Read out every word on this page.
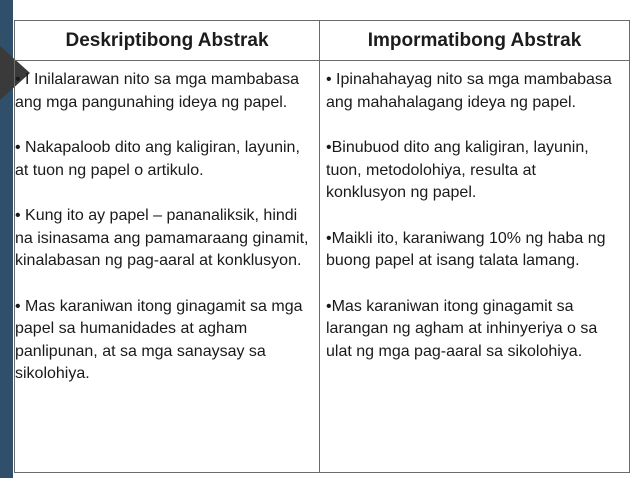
Deskriptibong Abstrak	Impormatibong Abstrak

• I Inilalarawan nito sa mga mambabasa ang mga pangunahing ideya ng papel.

• Nakapaloob dito ang kaligiran, layunin, at tuon ng papel o artikulo.

• Kung ito ay papel – pananaliksik, hindi na isinasama ang pamamaraang ginamit, kinalabasan ng pag-aaral at konklusyon.

• Mas karaniwan itong ginagamit sa mga papel sa humanidades at agham panlipunan, at sa mga sanaysay sa sikolohiya.

• Ipinahahayag nito sa mga mambabasa ang mahahalagang ideya ng papel.

•Binubuod dito ang kaligiran, layunin, tuon, metodolohiya, resulta at konklusyon ng papel.

•Maikli ito, karaniwang 10% ng haba ng buong papel at isang talata lamang.

•Mas karaniwan itong ginagamit sa larangan ng agham at inhinyeriya o sa ulat ng mga pag-aaral sa sikolohiya.
